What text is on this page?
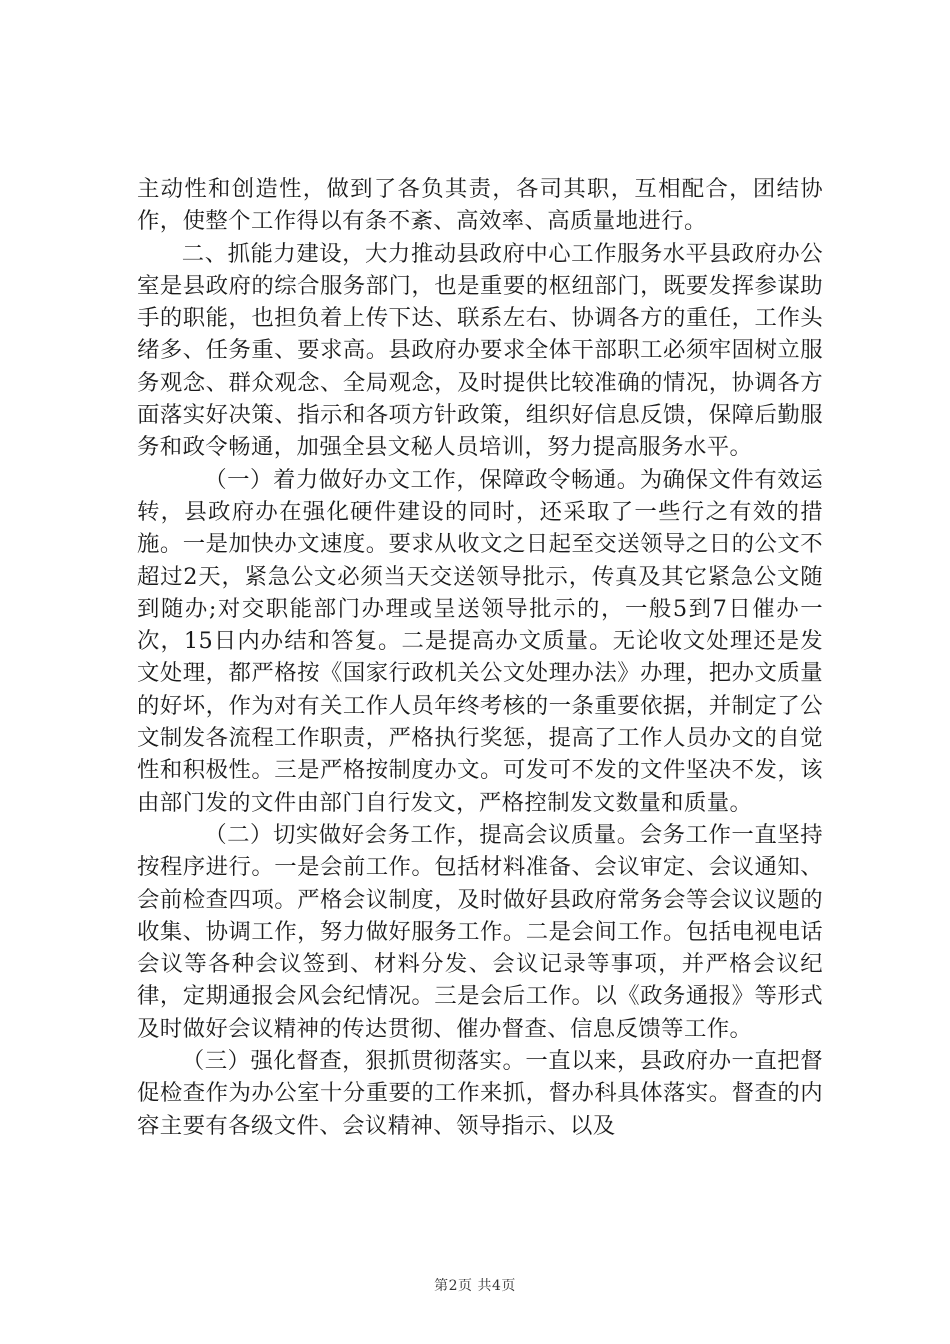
主动性和创造性，做到了各负其责，各司其职，互相配合，团结协作，使整个工作得以有条不紊、高效率、高质量地进行。

二、抓能力建设，大力推动县政府中心工作服务水平县政府办公室是县政府的综合服务部门，也是重要的枢纽部门，既要发挥参谋助手的职能，也担负着上传下达、联系左右、协调各方的重任，工作头绪多、任务重、要求高。县政府办要求全体干部职工必须牢固树立服务观念、群众观念、全局观念，及时提供比较准确的情况，协调各方面落实好决策、指示和各项方针政策，组织好信息反馈，保障后勤服务和政令畅通，加强全县文秘人员培训，努力提高服务水平。

（一）着力做好办文工作，保障政令畅通。为确保文件有效运转，县政府办在强化硬件建设的同时，还采取了一些行之有效的措施。一是加快办文速度。要求从收文之日起至交送领导之日的公文不超过2天，紧急公文必须当天交送领导批示，传真及其它紧急公文随到随办;对交职能部门办理或呈送领导批示的，一般5到7日催办一次，15日内办结和答复。二是提高办文质量。无论收文处理还是发文处理，都严格按《国家行政机关公文处理办法》办理，把办文质量的好坏，作为对有关工作人员年终考核的一条重要依据，并制定了公文制发各流程工作职责，严格执行奖惩，提高了工作人员办文的自觉性和积极性。三是严格按制度办文。可发可不发的文件坚决不发，该由部门发的文件由部门自行发文，严格控制发文数量和质量。

（二）切实做好会务工作，提高会议质量。会务工作一直坚持按程序进行。一是会前工作。包括材料准备、会议审定、会议通知、会前检查四项。严格会议制度，及时做好县政府常务会等会议议题的收集、协调工作，努力做好服务工作。二是会间工作。包括电视电话会议等各种会议签到、材料分发、会议记录等事项，并严格会议纪律，定期通报会风会纪情况。三是会后工作。以《政务通报》等形式及时做好会议精神的传达贯彻、催办督查、信息反馈等工作。

（三）强化督查，狠抓贯彻落实。一直以来，县政府办一直把督促检查作为办公室十分重要的工作来抓，督办科具体落实。督查的内容主要有各级文件、会议精神、领导指示、以及

第2页 共4页
